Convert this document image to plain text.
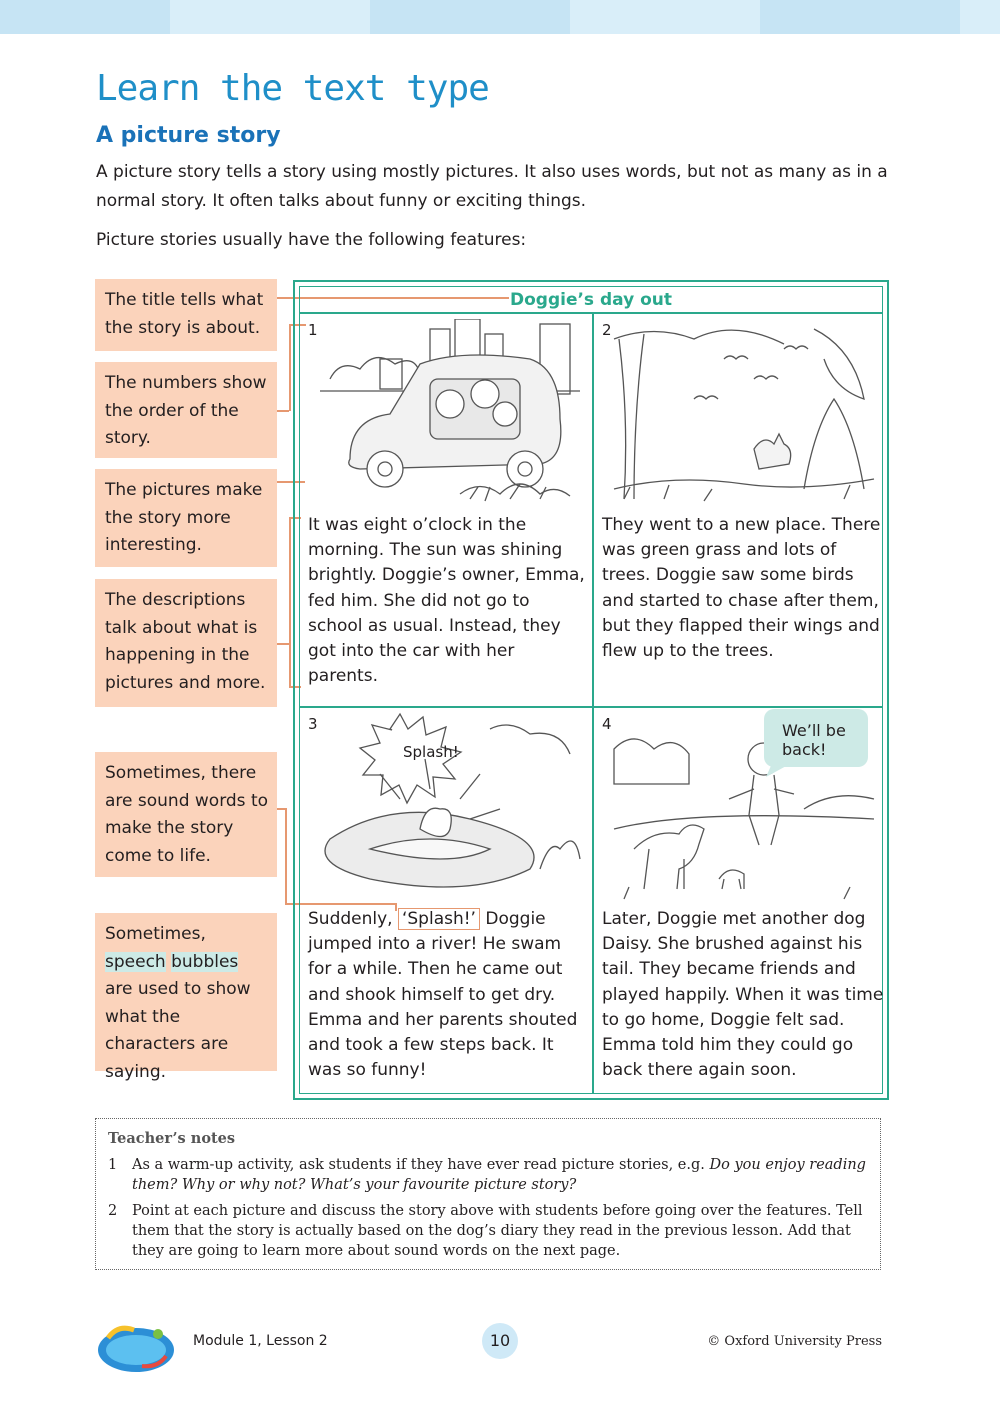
Learn the text type
A picture story

A picture story tells a story using mostly pictures. It also uses words, but not as many as in a normal story. It often talks about funny or exciting things.

Picture stories usually have the following features:

The title tells what the story is about.
The numbers show the order of the story.
The pictures make the story more interesting.
The descriptions talk about what is happening in the pictures and more.
Sometimes, there are sound words to make the story come to life.
Sometimes, speech bubbles are used to show what the characters are saying.
Doggie’s day out
1

It was eight o’clock in the morning. The sun was shining brightly. Doggie’s owner, Emma, fed him. She did not go to school as usual. Instead, they got into the car with her parents.

2

They went to a new place. There was green grass and lots of trees. Doggie saw some birds and started to chase after them, but they flapped their wings and flew up to the trees.

3
Splash!

Suddenly, ‘Splash!’ Doggie jumped into a river! He swam for a while. Then he came out and shook himself to get dry. Emma and her parents shouted and took a few steps back. It was so funny!

4	We’ll be
back!

Later, Doggie met another dog Daisy. She brushed against his tail. They became friends and played happily. When it was time to go home, Doggie felt sad. Emma told him they could go back there again soon.

Teacher’s notes
1	As a warm-up activity, ask students if they have ever read picture stories, e.g. Do you enjoy reading them? Why or why not? What’s your favourite picture story?
2	Point at each picture and discuss the story above with students before going over the features. Tell them that the story is actually based on the dog’s diary they read in the previous lesson. Add that they are going to learn more about sound words on the next page.
Module 1, Lesson 2	10	© Oxford University Press
